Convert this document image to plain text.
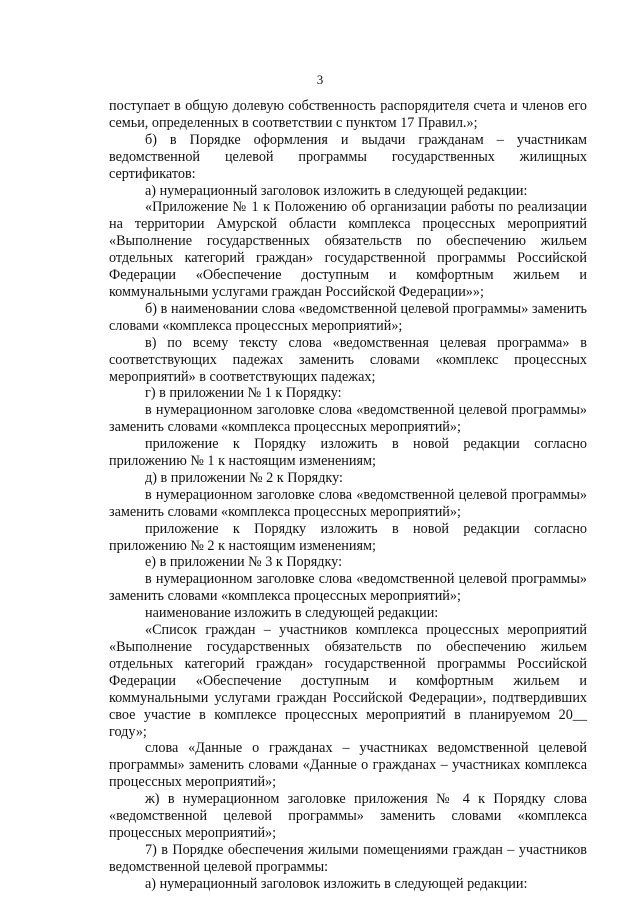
3

поступает в общую долевую собственность распорядителя счета и членов его семьи, определенных в соответствии с пунктом 17 Правил.»;

б) в Порядке оформления и выдачи гражданам – участникам ведомственной целевой программы государственных жилищных сертификатов:

а) нумерационный заголовок изложить в следующей редакции:

«Приложение № 1 к Положению об организации работы по реализации на территории Амурской области комплекса процессных мероприятий «Выполнение государственных обязательств по обеспечению жильем отдельных категорий граждан» государственной программы Российской Федерации «Обеспечение доступным и комфортным жильем и коммунальными услугами граждан Российской Федерации»»;

б) в наименовании слова «ведомственной целевой программы» заменить словами «комплекса процессных мероприятий»;

в) по всему тексту слова «ведомственная целевая программа» в соответствующих падежах заменить словами «комплекс процессных мероприятий» в соответствующих падежах;

г) в приложении № 1 к Порядку:

в нумерационном заголовке слова «ведомственной целевой программы» заменить словами «комплекса процессных мероприятий»;

приложение к Порядку изложить в новой редакции согласно приложению № 1 к настоящим изменениям;

д) в приложении № 2 к Порядку:

в нумерационном заголовке слова «ведомственной целевой программы» заменить словами «комплекса процессных мероприятий»;

приложение к Порядку изложить в новой редакции согласно приложению № 2 к настоящим изменениям;

е) в приложении № 3 к Порядку:

в нумерационном заголовке слова «ведомственной целевой программы» заменить словами «комплекса процессных мероприятий»;

наименование изложить в следующей редакции:

«Список граждан – участников комплекса процессных мероприятий «Выполнение государственных обязательств по обеспечению жильем отдельных категорий граждан» государственной программы Российской Федерации «Обеспечение доступным и комфортным жильем и коммунальными услугами граждан Российской Федерации», подтвердивших свое участие в комплексе процессных мероприятий в планируемом 20__ году»;

слова «Данные о гражданах – участниках ведомственной целевой программы» заменить словами «Данные о гражданах – участниках комплекса процессных мероприятий»;

ж) в нумерационном заголовке приложения № 4 к Порядку слова «ведомственной целевой программы» заменить словами «комплекса процессных мероприятий»;

7) в Порядке обеспечения жилыми помещениями граждан – участников ведомственной целевой программы:

а) нумерационный заголовок изложить в следующей редакции:
